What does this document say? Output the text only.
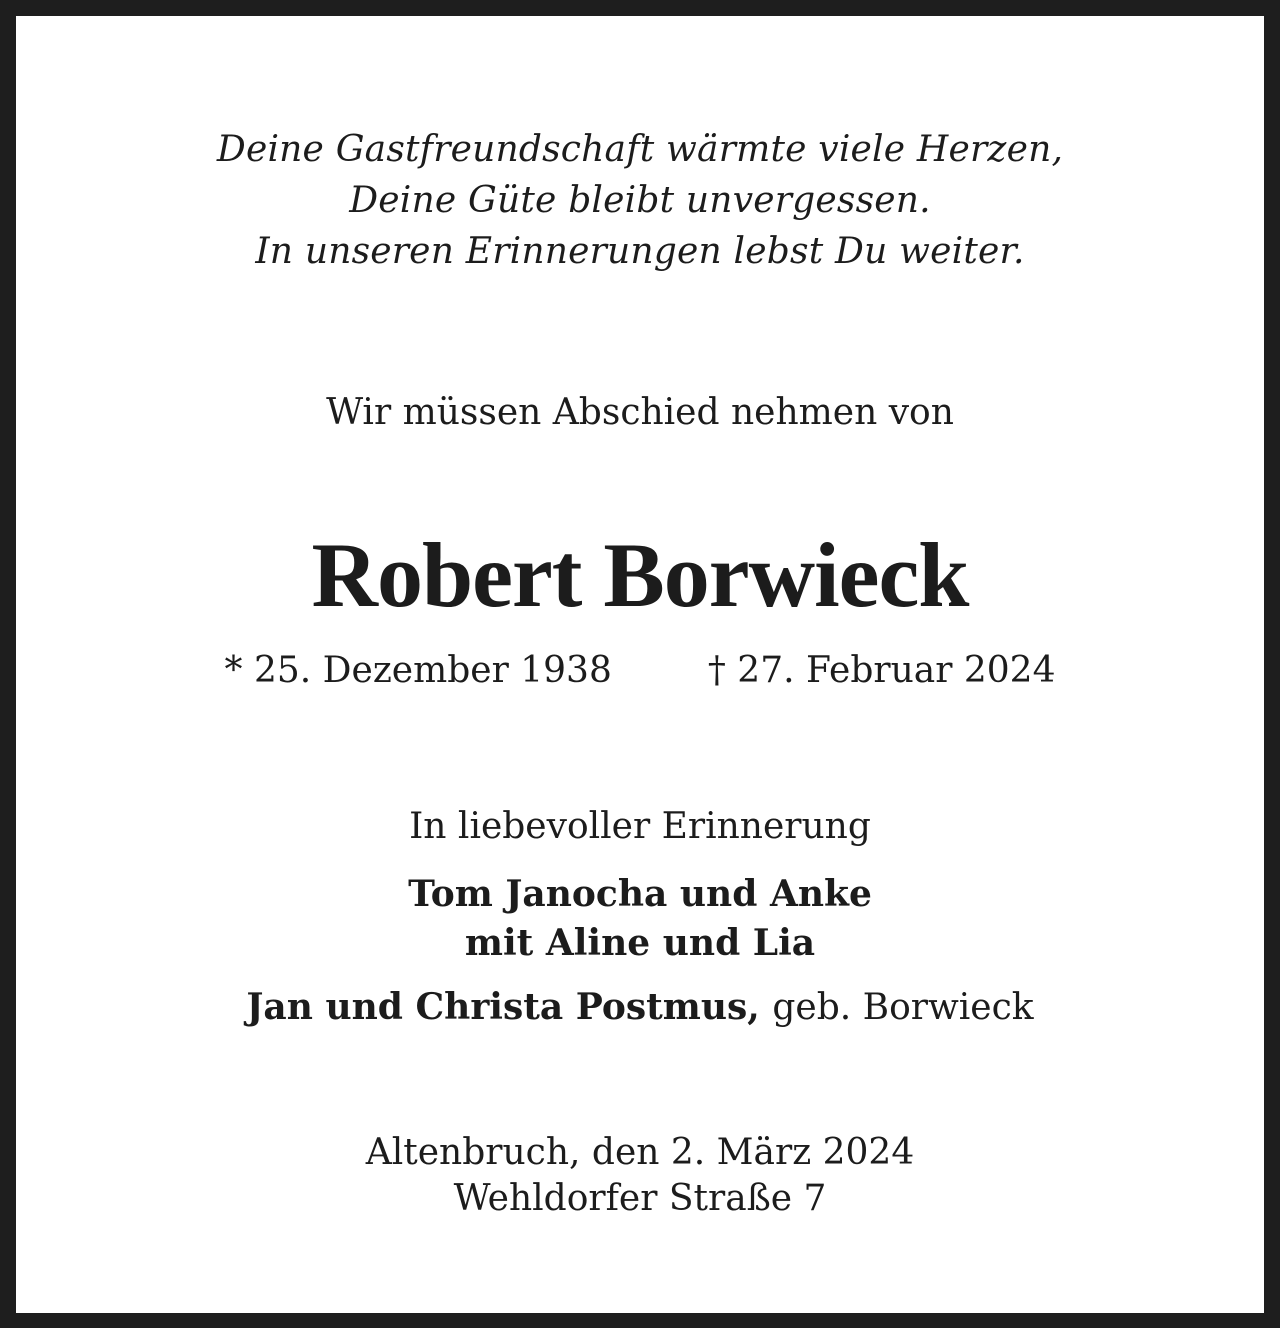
Deine Gastfreundschaft wärmte viele Herzen,
Deine Güte bleibt unvergessen.
In unseren Erinnerungen lebst Du weiter.
Wir müssen Abschied nehmen von
Robert Borwieck
* 25. Dezember 1938	† 27. Februar 2024
In liebevoller Erinnerung
Tom Janocha und Anke
mit Aline und Lia
Jan und Christa Postmus, geb. Borwieck
Altenbruch, den 2. März 2024
Wehldorfer Straße 7
